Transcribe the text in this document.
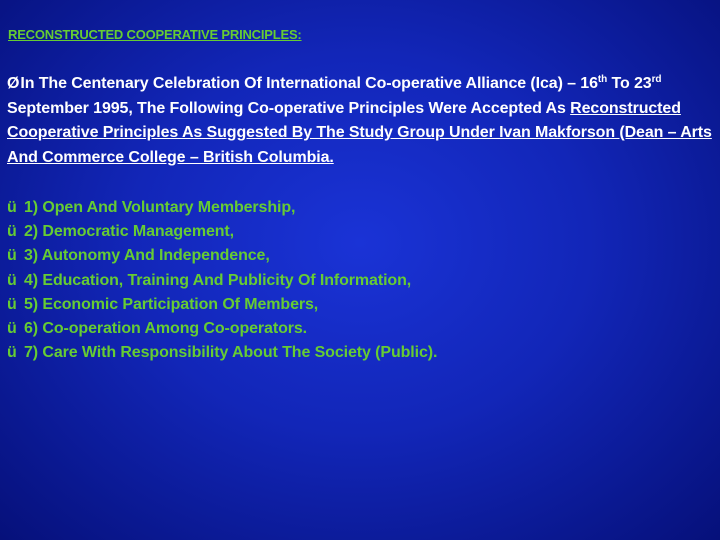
RECONSTRUCTED COOPERATIVE PRINCIPLES:
ØIn The Centenary Celebration Of International Co-operative Alliance (Ica) – 16th To 23rd September 1995, The Following Co-operative Principles Were Accepted As Reconstructed Cooperative Principles As Suggested By The Study Group Under Ivan Makforson (Dean – Arts And Commerce College – British Columbia.
ü 1) Open And Voluntary Membership,
ü 2) Democratic Management,
ü 3) Autonomy And Independence,
ü 4) Education, Training And Publicity Of Information,
ü 5) Economic Participation Of Members,
ü 6) Co-operation Among Co-operators.
ü 7) Care With Responsibility About The Society (Public).
